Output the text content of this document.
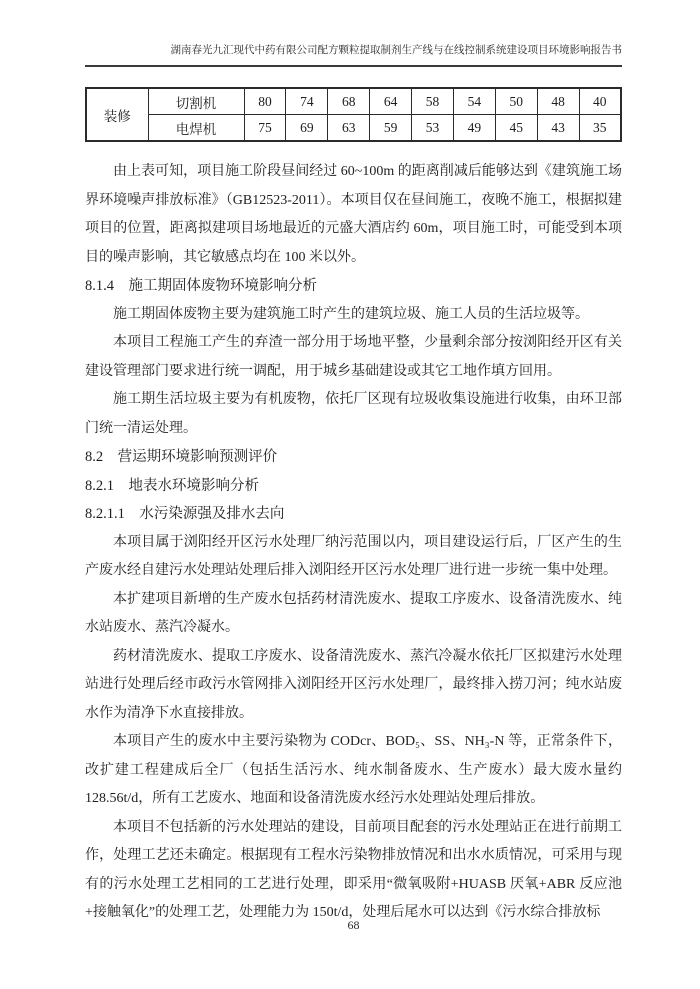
湖南春光九汇现代中药有限公司配方颗粒提取制剂生产线与在线控制系统建设项目环境影响报告书
装修	切割机	80	74	68	64	58	54	50	48	40
	电焊机	75	69	63	59	53	49	45	43	35

由上表可知，项目施工阶段昼间经过 60~100m 的距离削减后能够达到《建筑施工场界环境噪声排放标准》（GB12523-2011）。本项目仅在昼间施工，夜晚不施工，根据拟建项目的位置，距离拟建项目场地最近的元盛大酒店约 60m，项目施工时，可能受到本项目的噪声影响，其它敏感点均在 100 米以外。

8.1.4　施工期固体废物环境影响分析

施工期固体废物主要为建筑施工时产生的建筑垃圾、施工人员的生活垃圾等。

本项目工程施工产生的弃渣一部分用于场地平整，少量剩余部分按浏阳经开区有关建设管理部门要求进行统一调配，用于城乡基础建设或其它工地作填方回用。

施工期生活垃圾主要为有机废物，依托厂区现有垃圾收集设施进行收集，由环卫部门统一清运处理。

8.2　营运期环境影响预测评价
8.2.1　地表水环境影响分析
8.2.1.1　水污染源强及排水去向

本项目属于浏阳经开区污水处理厂纳污范围以内，项目建设运行后，厂区产生的生产废水经自建污水处理站处理后排入浏阳经开区污水处理厂进行进一步统一集中处理。

本扩建项目新增的生产废水包括药材清洗废水、提取工序废水、设备清洗废水、纯水站废水、蒸汽冷凝水。

药材清洗废水、提取工序废水、设备清洗废水、蒸汽冷凝水依托厂区拟建污水处理站进行处理后经市政污水管网排入浏阳经开区污水处理厂，最终排入捞刀河；纯水站废水作为清净下水直接排放。

本项目产生的废水中主要污染物为 CODcr、BOD₅、SS、NH₃-N 等，正常条件下，改扩建工程建成后全厂（包括生活污水、纯水制备废水、生产废水）最大废水量约 128.56t/d，所有工艺废水、地面和设备清洗废水经污水处理站处理后排放。

本项目不包括新的污水处理站的建设，目前项目配套的污水处理站正在进行前期工作，处理工艺还未确定。根据现有工程水污染物排放情况和出水水质情况，可采用与现有的污水处理工艺相同的工艺进行处理，即采用“微氧吸附+HUASB 厌氧+ABR 反应池+接触氧化”的处理工艺，处理能力为 150t/d，处理后尾水可以达到《污水综合排放标

68
